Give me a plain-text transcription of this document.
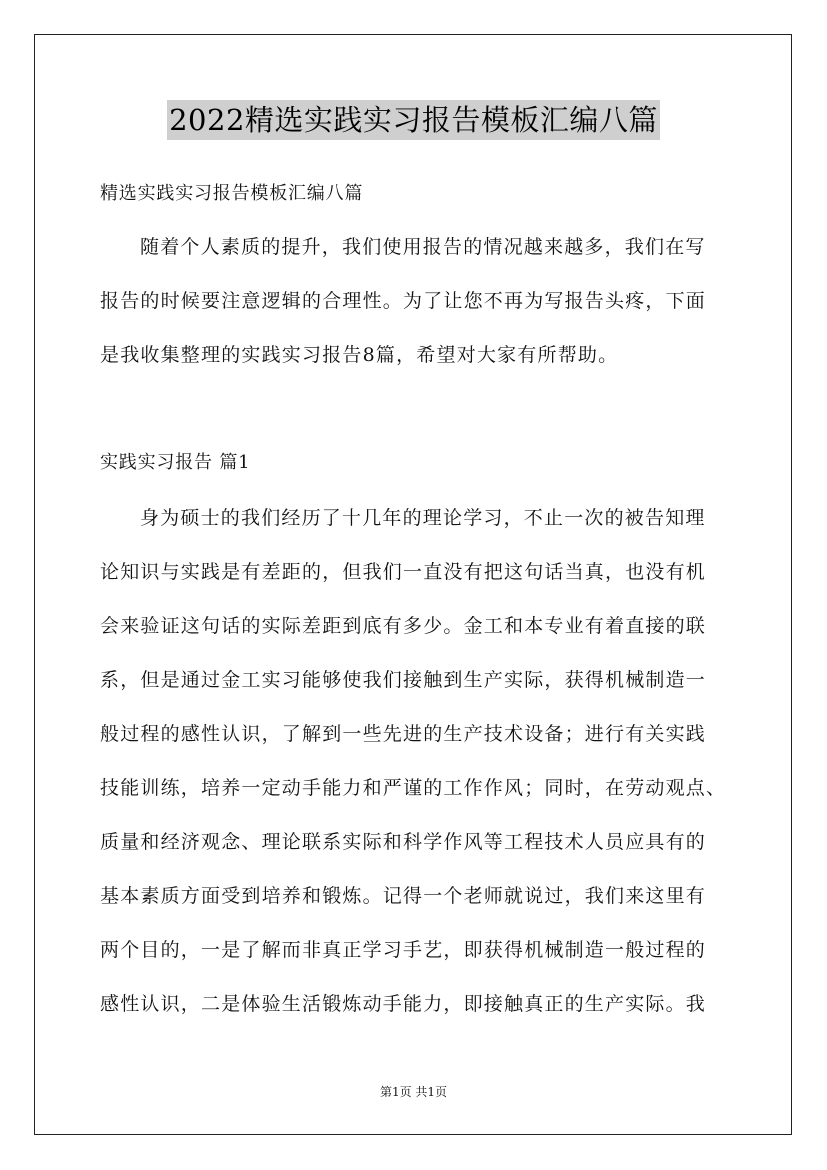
2022精选实践实习报告模板汇编八篇

精选实践实习报告模板汇编八篇

随着个人素质的提升，我们使用报告的情况越来越多，我们在写
报告的时候要注意逻辑的合理性。为了让您不再为写报告头疼，下面
是我收集整理的实践实习报告8篇，希望对大家有所帮助。

实践实习报告 篇1

身为硕士的我们经历了十几年的理论学习，不止一次的被告知理
论知识与实践是有差距的，但我们一直没有把这句话当真，也没有机
会来验证这句话的实际差距到底有多少。金工和本专业有着直接的联
系，但是通过金工实习能够使我们接触到生产实际，获得机械制造一
般过程的感性认识，了解到一些先进的生产技术设备；进行有关实践
技能训练，培养一定动手能力和严谨的工作作风；同时，在劳动观点、
质量和经济观念、理论联系实际和科学作风等工程技术人员应具有的
基本素质方面受到培养和锻炼。记得一个老师就说过，我们来这里有
两个目的，一是了解而非真正学习手艺，即获得机械制造一般过程的
感性认识，二是体验生活锻炼动手能力，即接触真正的生产实际。我
第1页 共1页
